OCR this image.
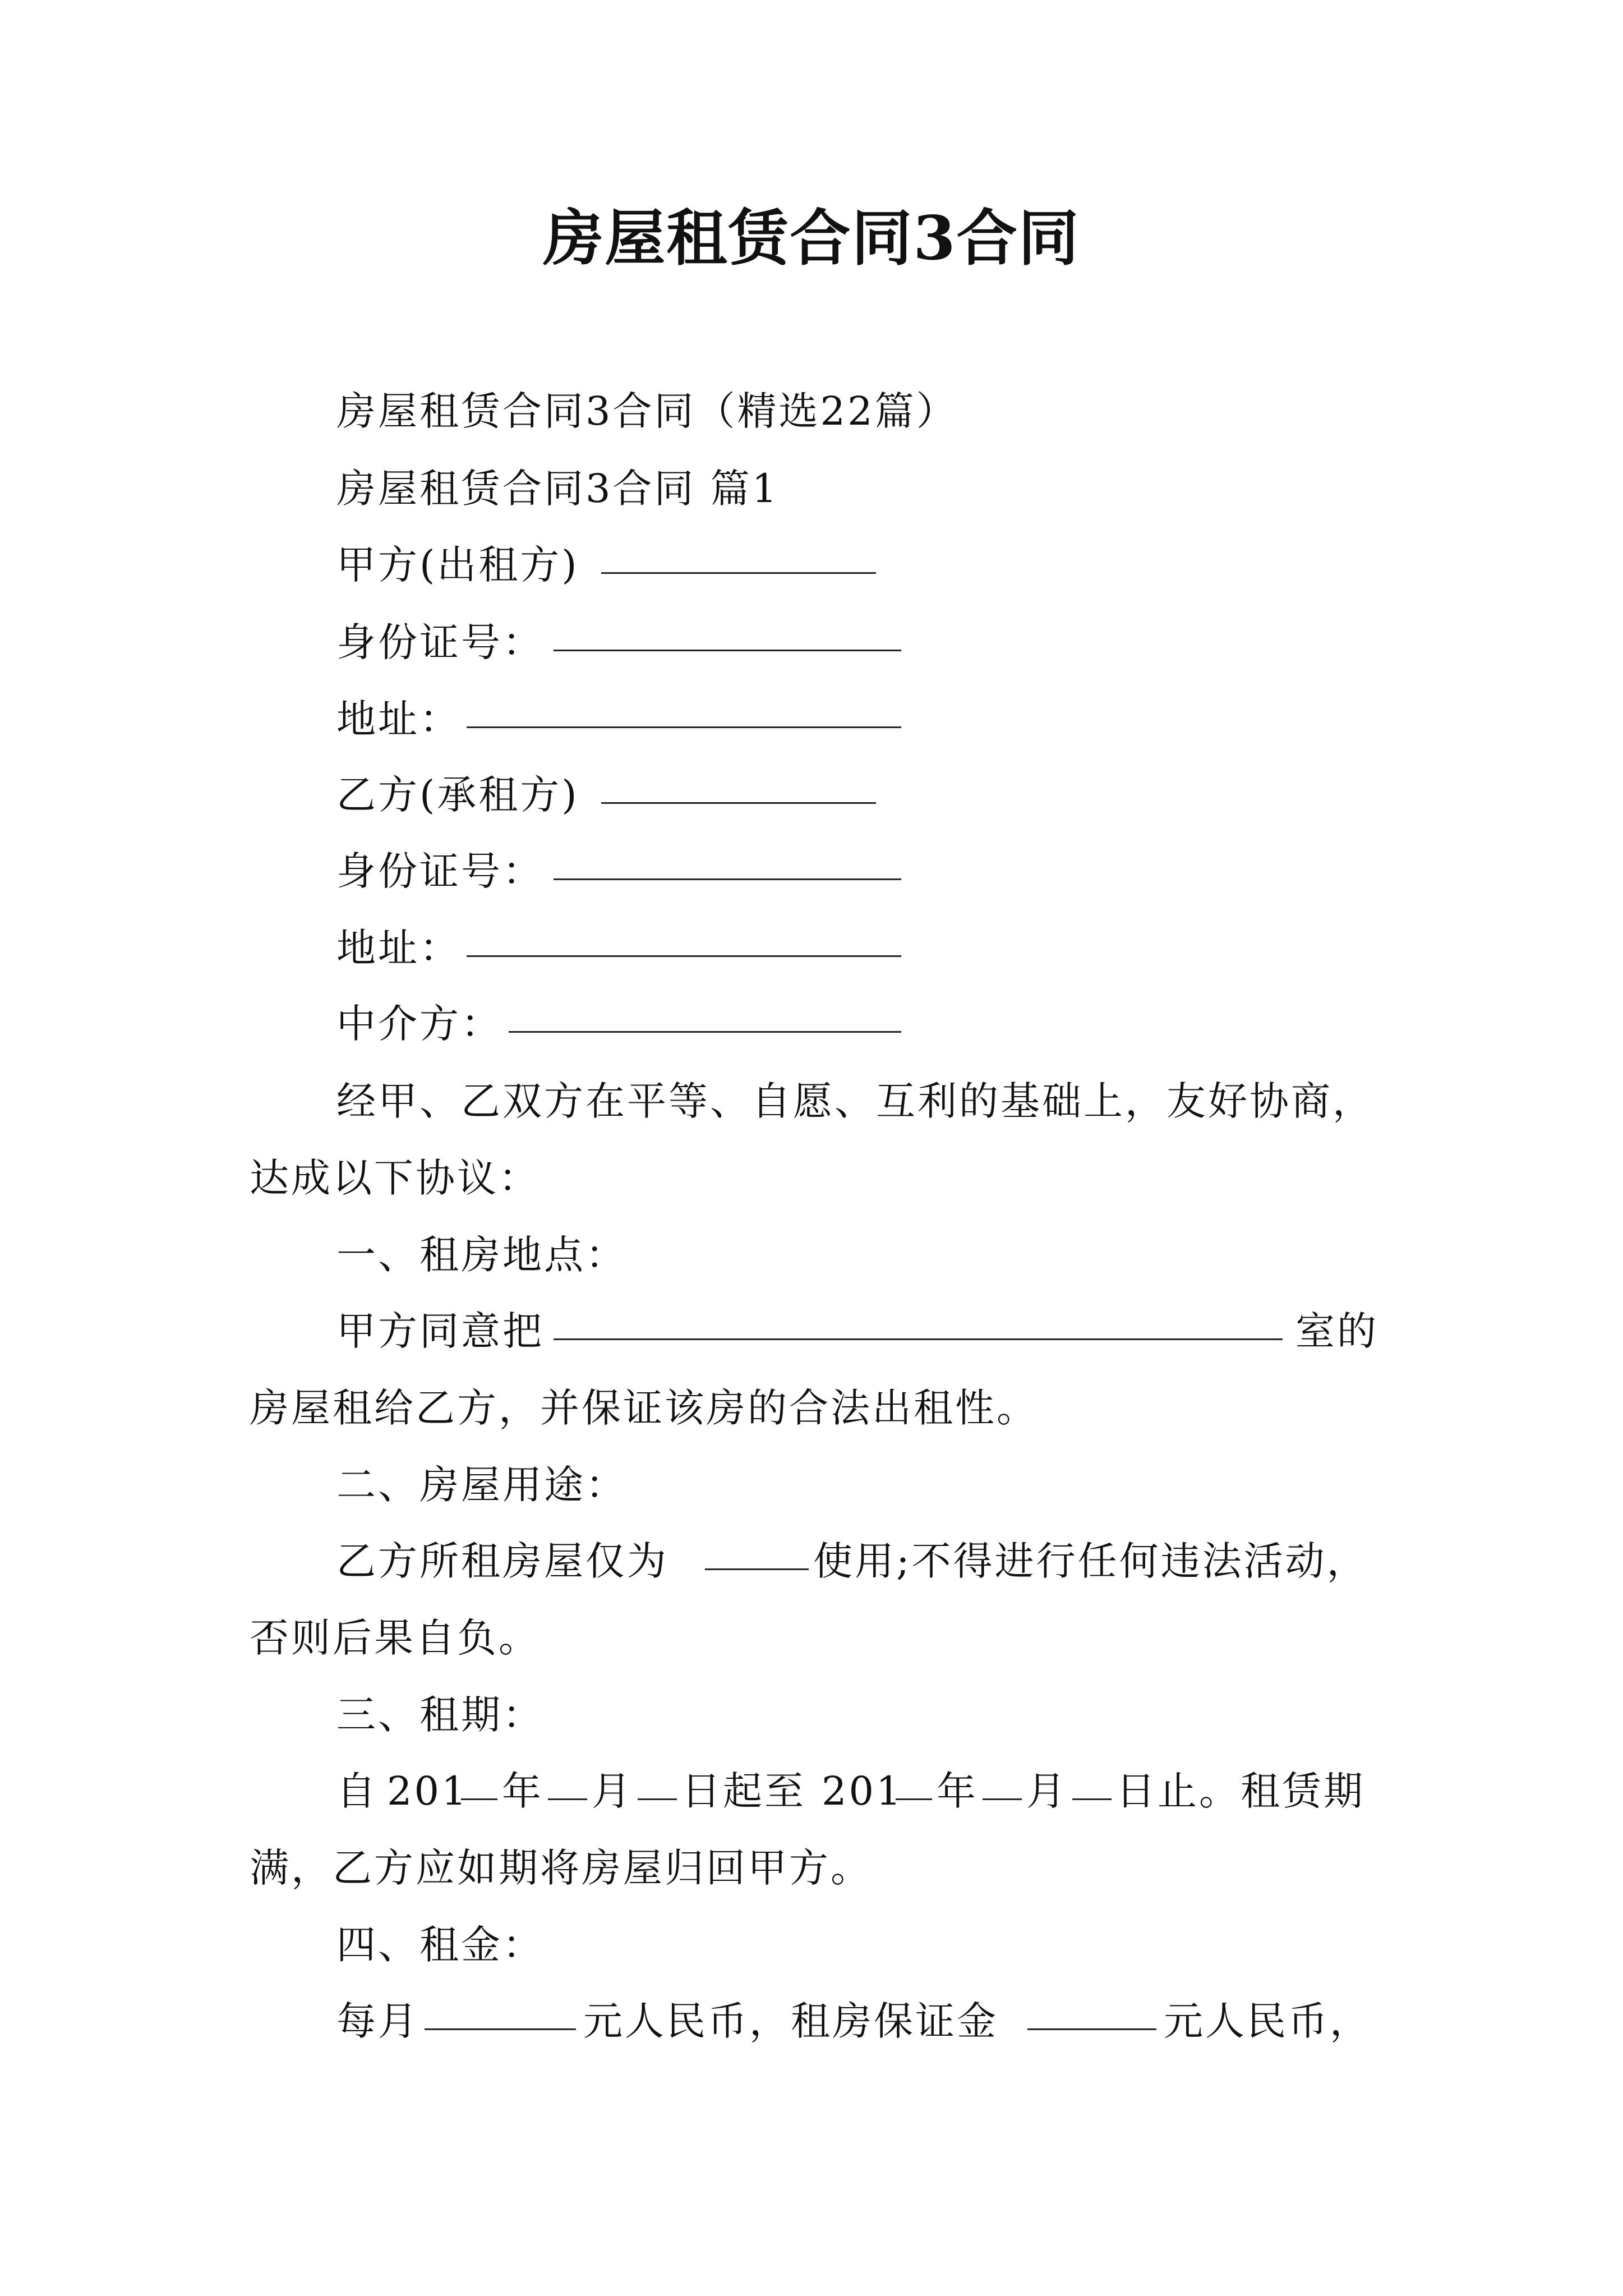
房屋租赁合同3合同
房屋租赁合同3合同（精选22篇）
房屋租赁合同3合同 篇1
甲方(出租方)
身份证号：
地址：
乙方(承租方)
身份证号：
地址：
中介方：
经甲、乙双方在平等、自愿、互利的基础上，友好协商，
达成以下协议：
一、租房地点：
甲方同意把	室的
房屋租给乙方，并保证该房的合法出租性。
二、房屋用途：
乙方所租房屋仅为	使用;不得进行任何违法活动，
否则后果自负。
三、租期：
自 201 年 月 日起至 201 年 月 日止。租赁期
满，乙方应如期将房屋归回甲方。
四、租金：
每月	元人民币，租房保证金	元人民币，
